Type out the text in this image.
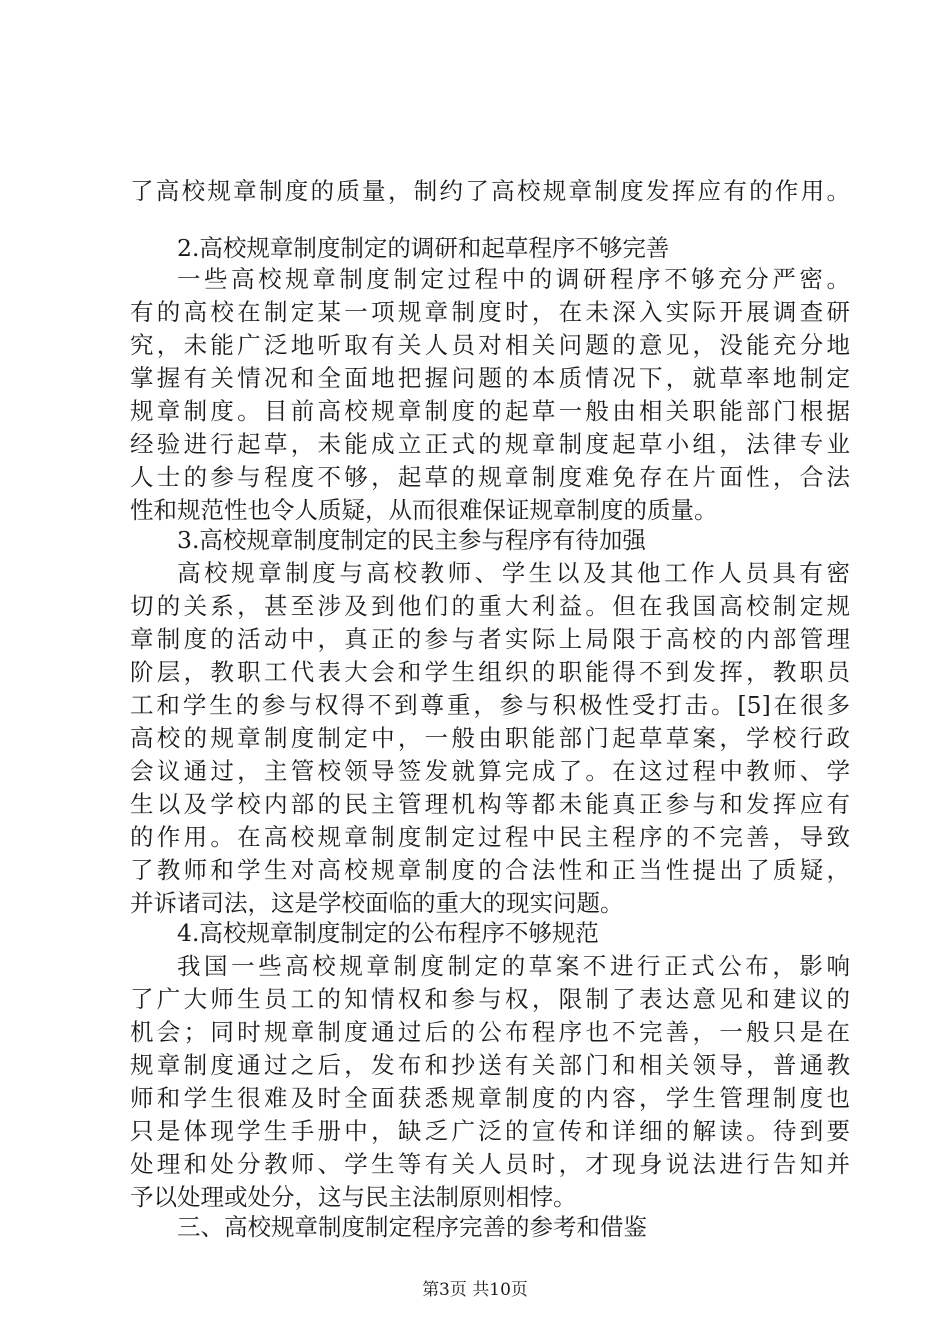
了高校规章制度的质量，制约了高校规章制度发挥应有的作用。
2.高校规章制度制定的调研和起草程序不够完善
一些高校规章制度制定过程中的调研程序不够充分严密。
有的高校在制定某一项规章制度时，在未深入实际开展调查研
究，未能广泛地听取有关人员对相关问题的意见，没能充分地
掌握有关情况和全面地把握问题的本质情况下，就草率地制定
规章制度。目前高校规章制度的起草一般由相关职能部门根据
经验进行起草，未能成立正式的规章制度起草小组，法律专业
人士的参与程度不够，起草的规章制度难免存在片面性，合法
性和规范性也令人质疑，从而很难保证规章制度的质量。
3.高校规章制度制定的民主参与程序有待加强
高校规章制度与高校教师、学生以及其他工作人员具有密
切的关系，甚至涉及到他们的重大利益。但在我国高校制定规
章制度的活动中，真正的参与者实际上局限于高校的内部管理
阶层，教职工代表大会和学生组织的职能得不到发挥，教职员
工和学生的参与权得不到尊重，参与积极性受打击。[5]在很多
高校的规章制度制定中，一般由职能部门起草草案，学校行政
会议通过，主管校领导签发就算完成了。在这过程中教师、学
生以及学校内部的民主管理机构等都未能真正参与和发挥应有
的作用。在高校规章制度制定过程中民主程序的不完善，导致
了教师和学生对高校规章制度的合法性和正当性提出了质疑，
并诉诸司法，这是学校面临的重大的现实问题。
4.高校规章制度制定的公布程序不够规范
我国一些高校规章制度制定的草案不进行正式公布，影响
了广大师生员工的知情权和参与权，限制了表达意见和建议的
机会；同时规章制度通过后的公布程序也不完善，一般只是在
规章制度通过之后，发布和抄送有关部门和相关领导，普通教
师和学生很难及时全面获悉规章制度的内容，学生管理制度也
只是体现学生手册中，缺乏广泛的宣传和详细的解读。待到要
处理和处分教师、学生等有关人员时，才现身说法进行告知并
予以处理或处分，这与民主法制原则相悖。
三、高校规章制度制定程序完善的参考和借鉴
第3页 共10页
